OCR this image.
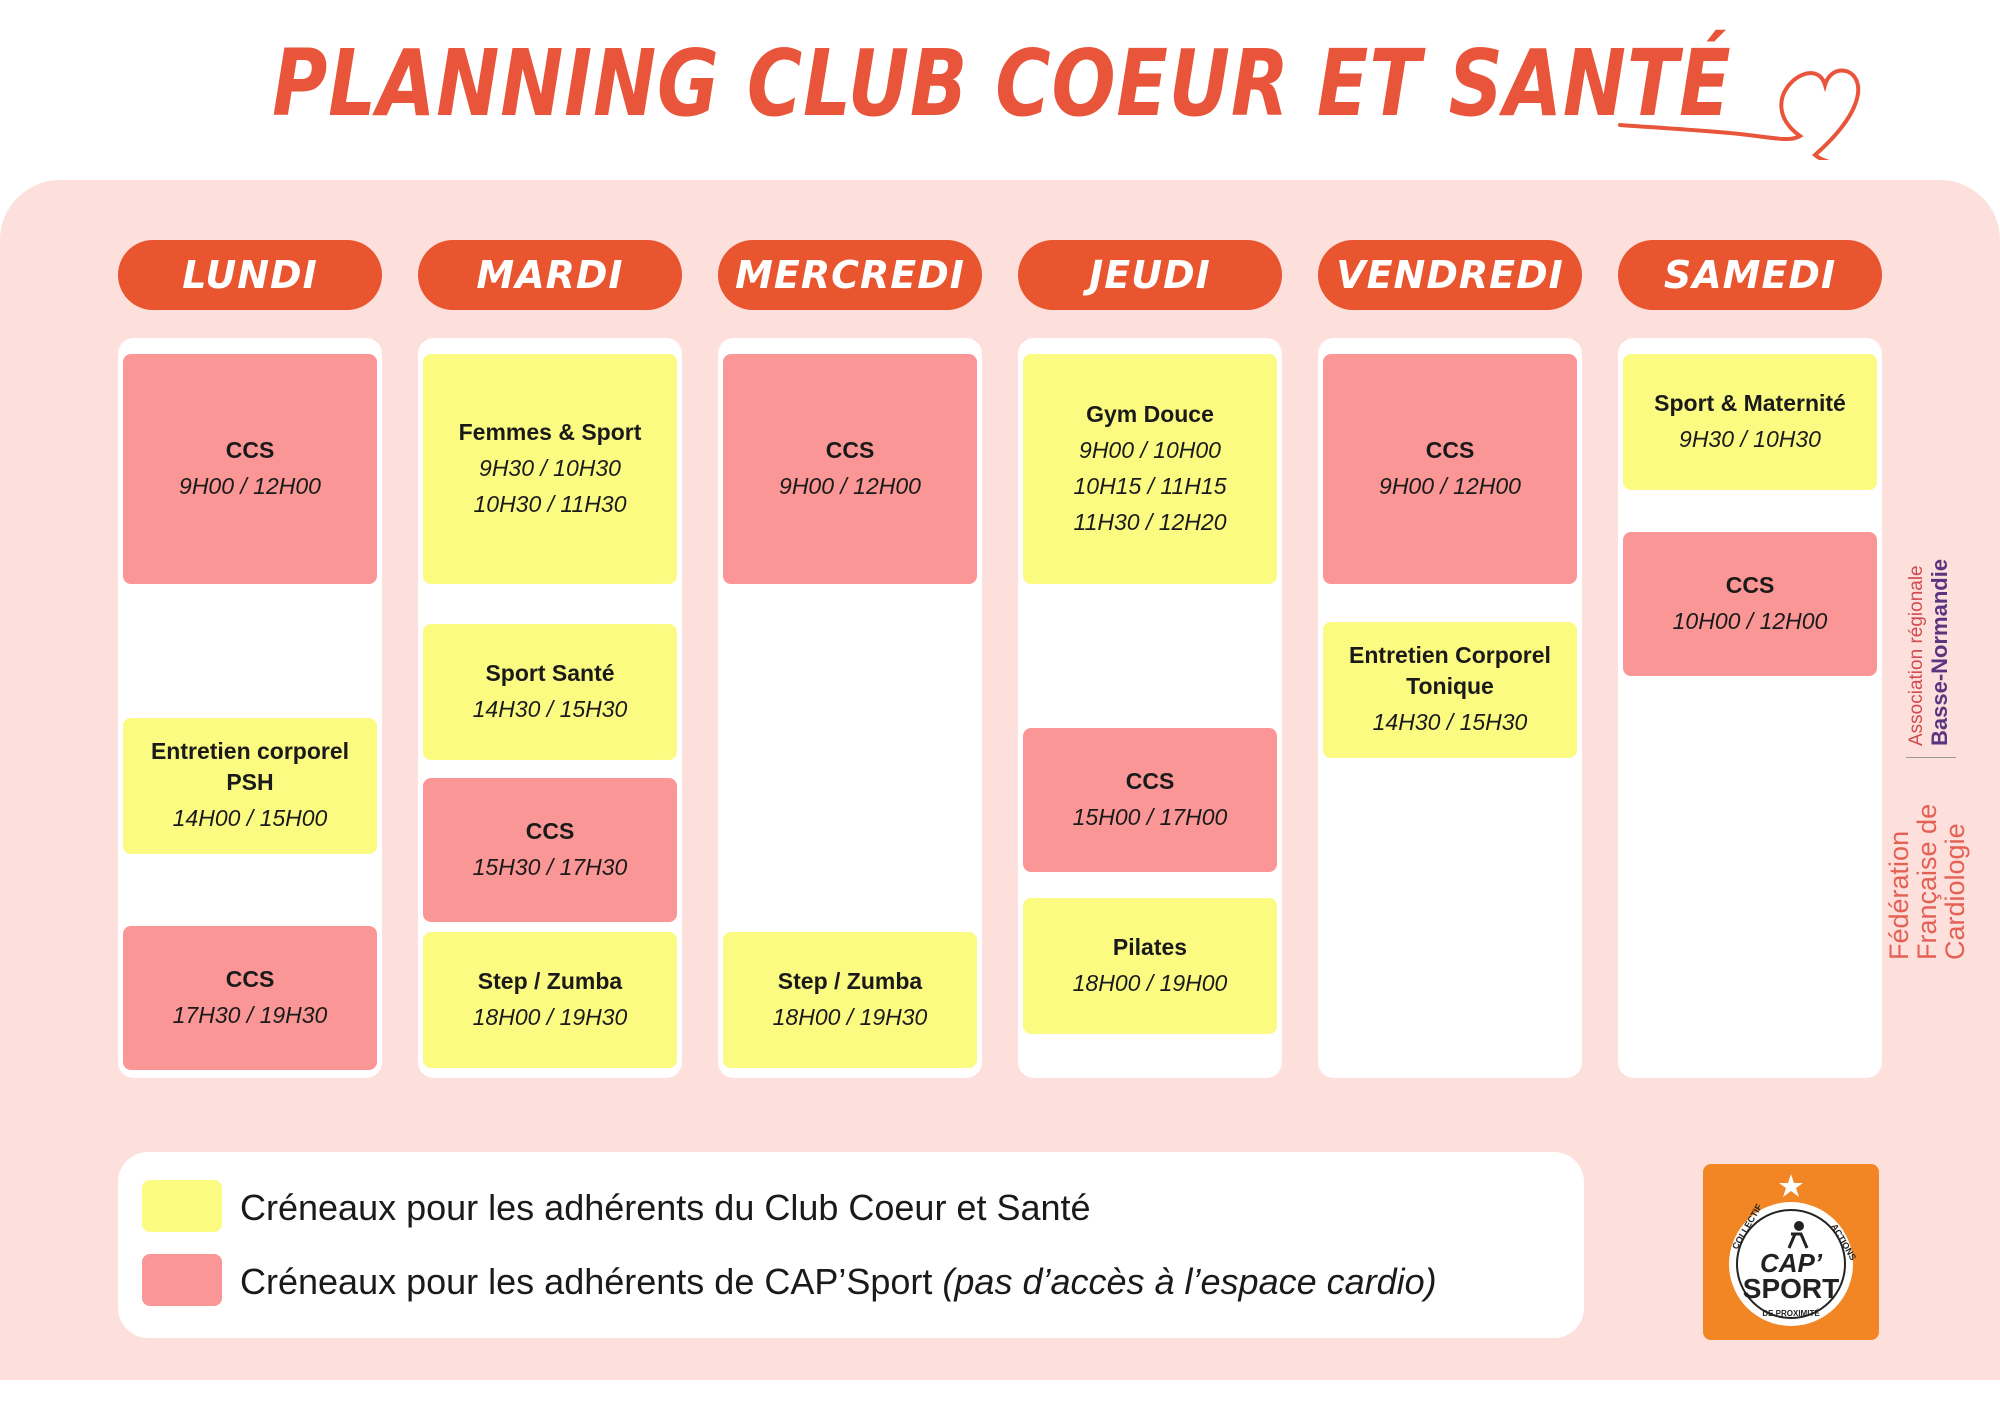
PLANNING CLUB COEUR ET SANTÉ
LUNDI
CCS
9H00 / 12H00
Entretien corporel PSH
14H00 / 15H00
CCS
17H30 / 19H30
MARDI
Femmes & Sport
9H30 / 10H30
10H30 / 11H30
Sport Santé
14H30 / 15H30
CCS
15H30 / 17H30
Step / Zumba
18H00 / 19H30
MERCREDI
CCS
9H00 / 12H00
Step / Zumba
18H00 / 19H30
JEUDI
Gym Douce
9H00 / 10H00
10H15 / 11H15
11H30 / 12H20
CCS
15H00 / 17H00
Pilates
18H00 / 19H00
VENDREDI
CCS
9H00 / 12H00
Entretien Corporel Tonique
14H30 / 15H30
SAMEDI
Sport & Maternité
9H30 / 10H30
CCS
10H00 / 12H00
Créneaux pour les adhérents du Club Coeur et Santé
Créneaux pour les adhérents de CAP’Sport (pas d’accès à l’espace cardio)
Fédération
Française de
Cardiologie
Association régionale Basse-Normandie
COLLECTIF	ACTIONS
DE PROXIMITÉ
CAP’
SPORT
